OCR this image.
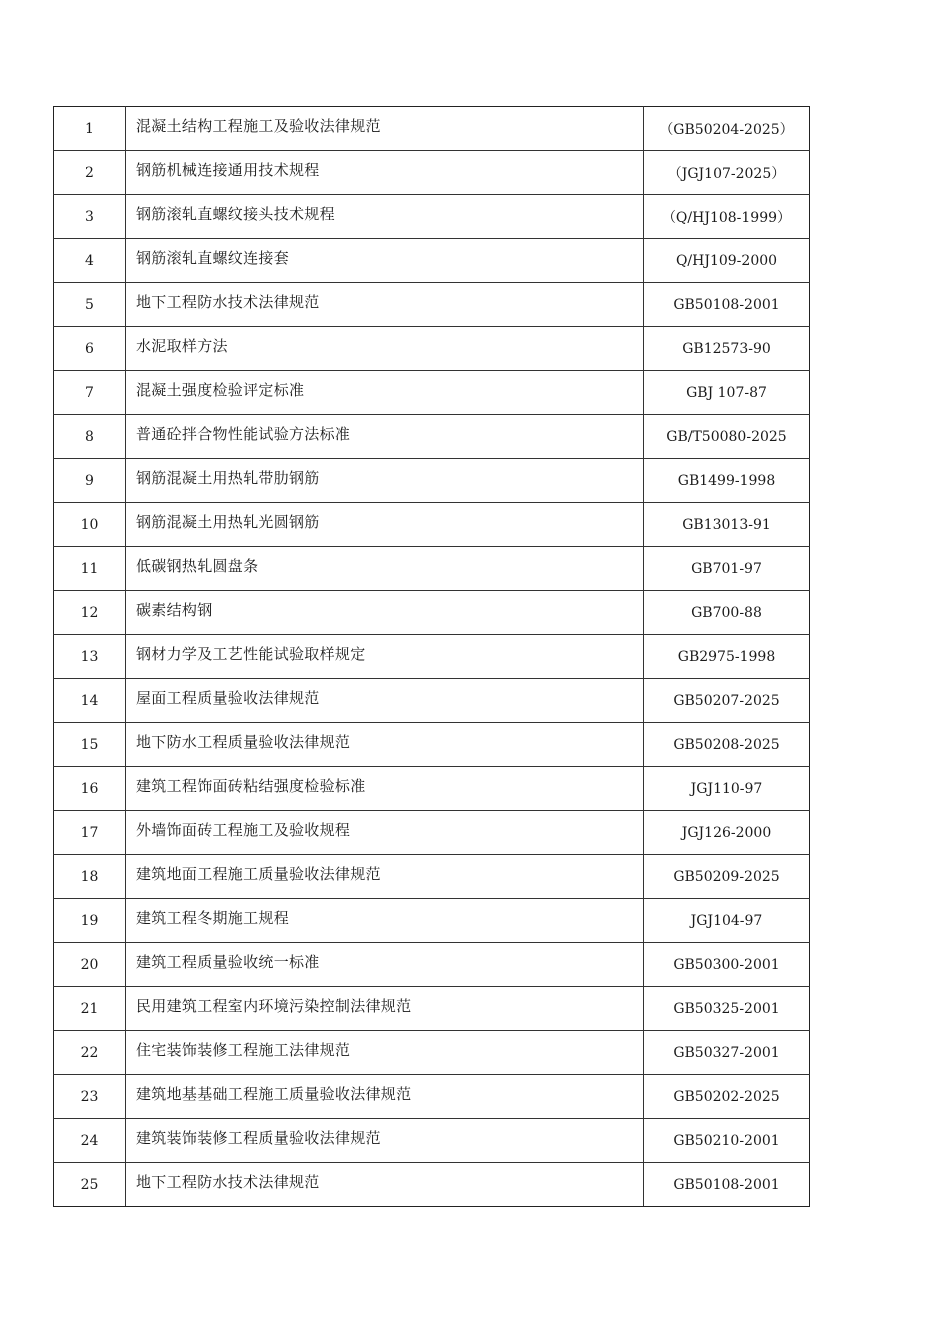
1	混凝土结构工程施工及验收法律规范	（GB50204-2025）
2	钢筋机械连接通用技术规程	（JGJ107-2025）
3	钢筋滚轧直螺纹接头技术规程	（Q/HJ108-1999）
4	钢筋滚轧直螺纹连接套	Q/HJ109-2000
5	地下工程防水技术法律规范	GB50108-2001
6	水泥取样方法	GB12573-90
7	混凝土强度检验评定标准	GBJ 107-87
8	普通砼拌合物性能试验方法标准	GB/T50080-2025
9	钢筋混凝土用热轧带肋钢筋	GB1499-1998
10	钢筋混凝土用热轧光圆钢筋	GB13013-91
11	低碳钢热轧圆盘条	GB701-97
12	碳素结构钢	GB700-88
13	钢材力学及工艺性能试验取样规定	GB2975-1998
14	屋面工程质量验收法律规范	GB50207-2025
15	地下防水工程质量验收法律规范	GB50208-2025
16	建筑工程饰面砖粘结强度检验标准	JGJ110-97
17	外墙饰面砖工程施工及验收规程	JGJ126-2000
18	建筑地面工程施工质量验收法律规范	GB50209-2025
19	建筑工程冬期施工规程	JGJ104-97
20	建筑工程质量验收统一标准	GB50300-2001
21	民用建筑工程室内环境污染控制法律规范	GB50325-2001
22	住宅装饰装修工程施工法律规范	GB50327-2001
23	建筑地基基础工程施工质量验收法律规范	GB50202-2025
24	建筑装饰装修工程质量验收法律规范	GB50210-2001
25	地下工程防水技术法律规范	GB50108-2001
